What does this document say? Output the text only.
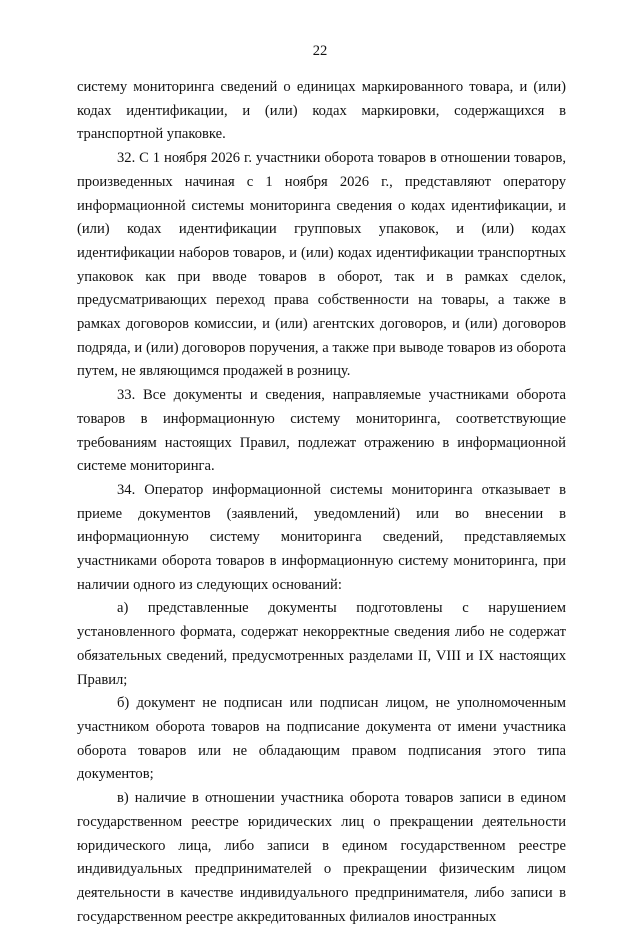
22

системy мониторинга сведений о единицах маркированного товара, и (или) кодах идентификации, и (или) кодах маркировки, содержащихся в транспортной упаковке.

32. С 1 ноября 2026 г. участники оборота товаров в отношении товаров, произведенных начиная с 1 ноября 2026 г., представляют оператору информационной системы мониторинга сведения о кодах идентификации, и (или) кодах идентификации групповых упаковок, и (или) кодах идентификации наборов товаров, и (или) кодах идентификации транспортных упаковок как при вводе товаров в оборот, так и в рамках сделок, предусматривающих переход права собственности на товары, а также в рамках договоров комиссии, и (или) агентских договоров, и (или) договоров подряда, и (или) договоров поручения, а также при выводе товаров из оборота путем, не являющимся продажей в розницу.

33. Все документы и сведения, направляемые участниками оборота товаров в информационную систему мониторинга, соответствующие требованиям настоящих Правил, подлежат отражению в информационной системе мониторинга.

34. Оператор информационной системы мониторинга отказывает в приеме документов (заявлений, уведомлений) или во внесении в информационную систему мониторинга сведений, представляемых участниками оборота товаров в информационную систему мониторинга, при наличии одного из следующих оснований:

а) представленные документы подготовлены с нарушением установленного формата, содержат некорректные сведения либо не содержат обязательных сведений, предусмотренных разделами II, VIII и IX настоящих Правил;

б) документ не подписан или подписан лицом, не уполномоченным участником оборота товаров на подписание документа от имени участника оборота товаров или не обладающим правом подписания этого типа документов;

в) наличие в отношении участника оборота товаров записи в едином государственном реестре юридических лиц о прекращении деятельности юридического лица, либо записи в едином государственном реестре индивидуальных предпринимателей о прекращении физическим лицом деятельности в качестве индивидуального предпринимателя, либо записи в государственном реестре аккредитованных филиалов иностранных
